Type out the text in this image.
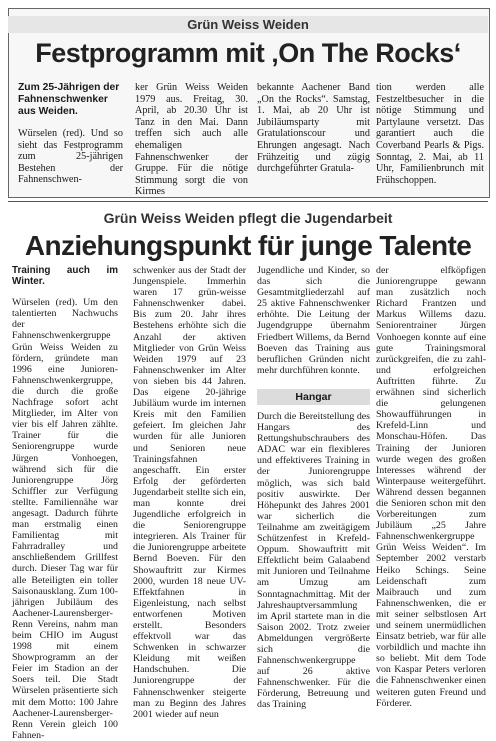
Grün Weiss Weiden
Festprogramm mit ‚On The Rocks‘

Zum 25-Jährigen der Fahnenschwenker aus Weiden.

Würselen (red). Und so sieht das Festprogramm zum 25-jährigen Bestehen der Fahnenschwen-

ker Grün Weiss Weiden 1979 aus. Freitag, 30. April, ab 20.30 Uhr ist Tanz in den Mai. Dann treffen sich auch alle ehemaligen Fahnenschwenker der Gruppe. Für die nötige Stimmung sorgt die von Kirmes
bekannte Aachener Band „On the Rocks“. Samstag, 1. Mai, ab 20 Uhr ist Jubiläumsparty mit Gratulationscour und Ehrungen angesagt. Nach Frühzeitig und zügig durchgeführter Gratula-
tion werden alle Festzeltbesucher in die nötige Stimmung und Partylaune versetzt. Das garantiert auch die Coverband Pearls & Pigs. Sonntag, 2. Mai, ab 11 Uhr, Familienbrunch mit Frühschoppen.
Grün Weiss Weiden pflegt die Jugendarbeit
Anziehungspunkt für junge Talente

Training auch im Winter.

Würselen (red). Um den talentierten Nachwuchs der Fahnenschwenkergruppe Grün Weiss Weiden zu fördern, gründete man 1996 eine Junioren-Fahnenschwenkergruppe, die durch die große Nachfrage sofort acht Mitglieder, im Alter von vier bis elf Jahren zählte. Trainer für die Seniorengruppe wurde Jürgen Vonhoegen, während sich für die Juniorengruppe Jörg Schiffler zur Verfügung stellte. Familiennähe war angesagt. Dadurch führte man erstmalig einen Familientag mit Fahrradralley und anschließendem Grillfest durch. Dieser Tag war für alle Beteiligten ein toller Saisonausklang. Zum 100-jährigen Jubiläum des Aachener-Laurensberger-Renn Vereins, nahm man beim CHIO im August 1998 mit einem Showprogramm an der Feier im Stadion an der Soers teil. Die Stadt Würselen präsentierte sich mit dem Motto: 100 Jahre Aachener-Laurensberger-Renn Verein gleich 100 Fahnen-

schwenker aus der Stadt der Jungenspiele. Immerhin waren 17 grün-weisse Fahnenschwenker dabei. Bis zum 20. Jahr ihres Bestehens erhöhte sich die Anzahl der aktiven Mitglieder von Grün Weiss Weiden 1979 auf 23 Fahnenschwenker im Alter von sieben bis 44 Jahren. Das eigene 20-jährige Jubiläum wurde im internen Kreis mit den Familien gefeiert. Im gleichen Jahr wurden für alle Junioren und Senioren neue Trainingsfahnen angeschafft. Ein erster Erfolg der geförderten Jugendarbeit stellte sich ein, man konnte drei Jugendliche erfolgreich in die Seniorengruppe integrieren. Als Trainer für die Juniorengruppe arbeitete Bernd Boeven. Für den Showauftritt zur Kirmes 2000, wurden 18 neue UV-Effektfahnen in Eigenleistung, nach selbst entworfenen Motiven erstellt. Besonders effektvoll war das Schwenken in schwarzer Kleidung mit weißen Handschuhen. Die Juniorengruppe der Fahnenschwenker steigerte man zu Beginn des Jahres 2001 wieder auf neun
Jugendliche und Kinder, so das sich die Gesamtmitgliederzahl auf 25 aktive Fahnenschwenker erhöhte. Die Leitung der Jugendgruppe übernahm Friedbert Willems, da Bernd Boeven das Training aus beruflichen Gründen nicht mehr durchführen konnte.
Hangar
Durch die Bereitstellung des Hangars des Rettungshubschraubers des ADAC war ein flexibleres und effektiveres Training in der Juniorengruppe möglich, was sich bald positiv auswirkte. Der Höhepunkt des Jahres 2001 war sicherlich die Teilnahme am zweitägigem Schützenfest in Krefeld-Oppum. Showauftritt mit Effektlicht beim Galaabend mit Junioren und Teilnahme am Umzug am Sonntagnachmittag. Mit der Jahreshauptversammlung im April startete man in die Saison 2002. Trotz zweier Abmeldungen vergrößerte sich die Fahnenschwenkergruppe auf 26 aktive Fahnenschwenker. Für die Förderung, Betreuung und das Training
der elfköpfigen Juniorengruppe gewann man zusätzlich noch Richard Frantzen und Markus Willems dazu. Seniorentrainer Jürgen Vonhoegen konnte auf eine gute Trainingsmoral zurückgreifen, die zu zahl- und erfolgreichen Auftritten führte. Zu erwähnen sind sicherlich die gelungenen Showaufführungen in Krefeld-Linn und Monschau-Höfen. Das Training der Junioren wurde wegen des großen Interesses während der Winterpause weitergeführt. Während dessen begannen die Senioren schon mit den Vorbereitungen zum Jubiläum „25 Jahre Fahnenschwenkergruppe Grün Weiss Weiden“. Im September 2002 verstarb Heiko Schings. Seine Leidenschaft zum Maibrauch und zum Fahnenschwenken, die er mit seiner selbstlosen Art und seinem unermüdlichen Einsatz betrieb, war für alle vorbildlich und machte ihn so beliebt. Mit dem Tode von Kaspar Peters verloren die Fahnenschwenker einen weiteren guten Freund und Förderer.
